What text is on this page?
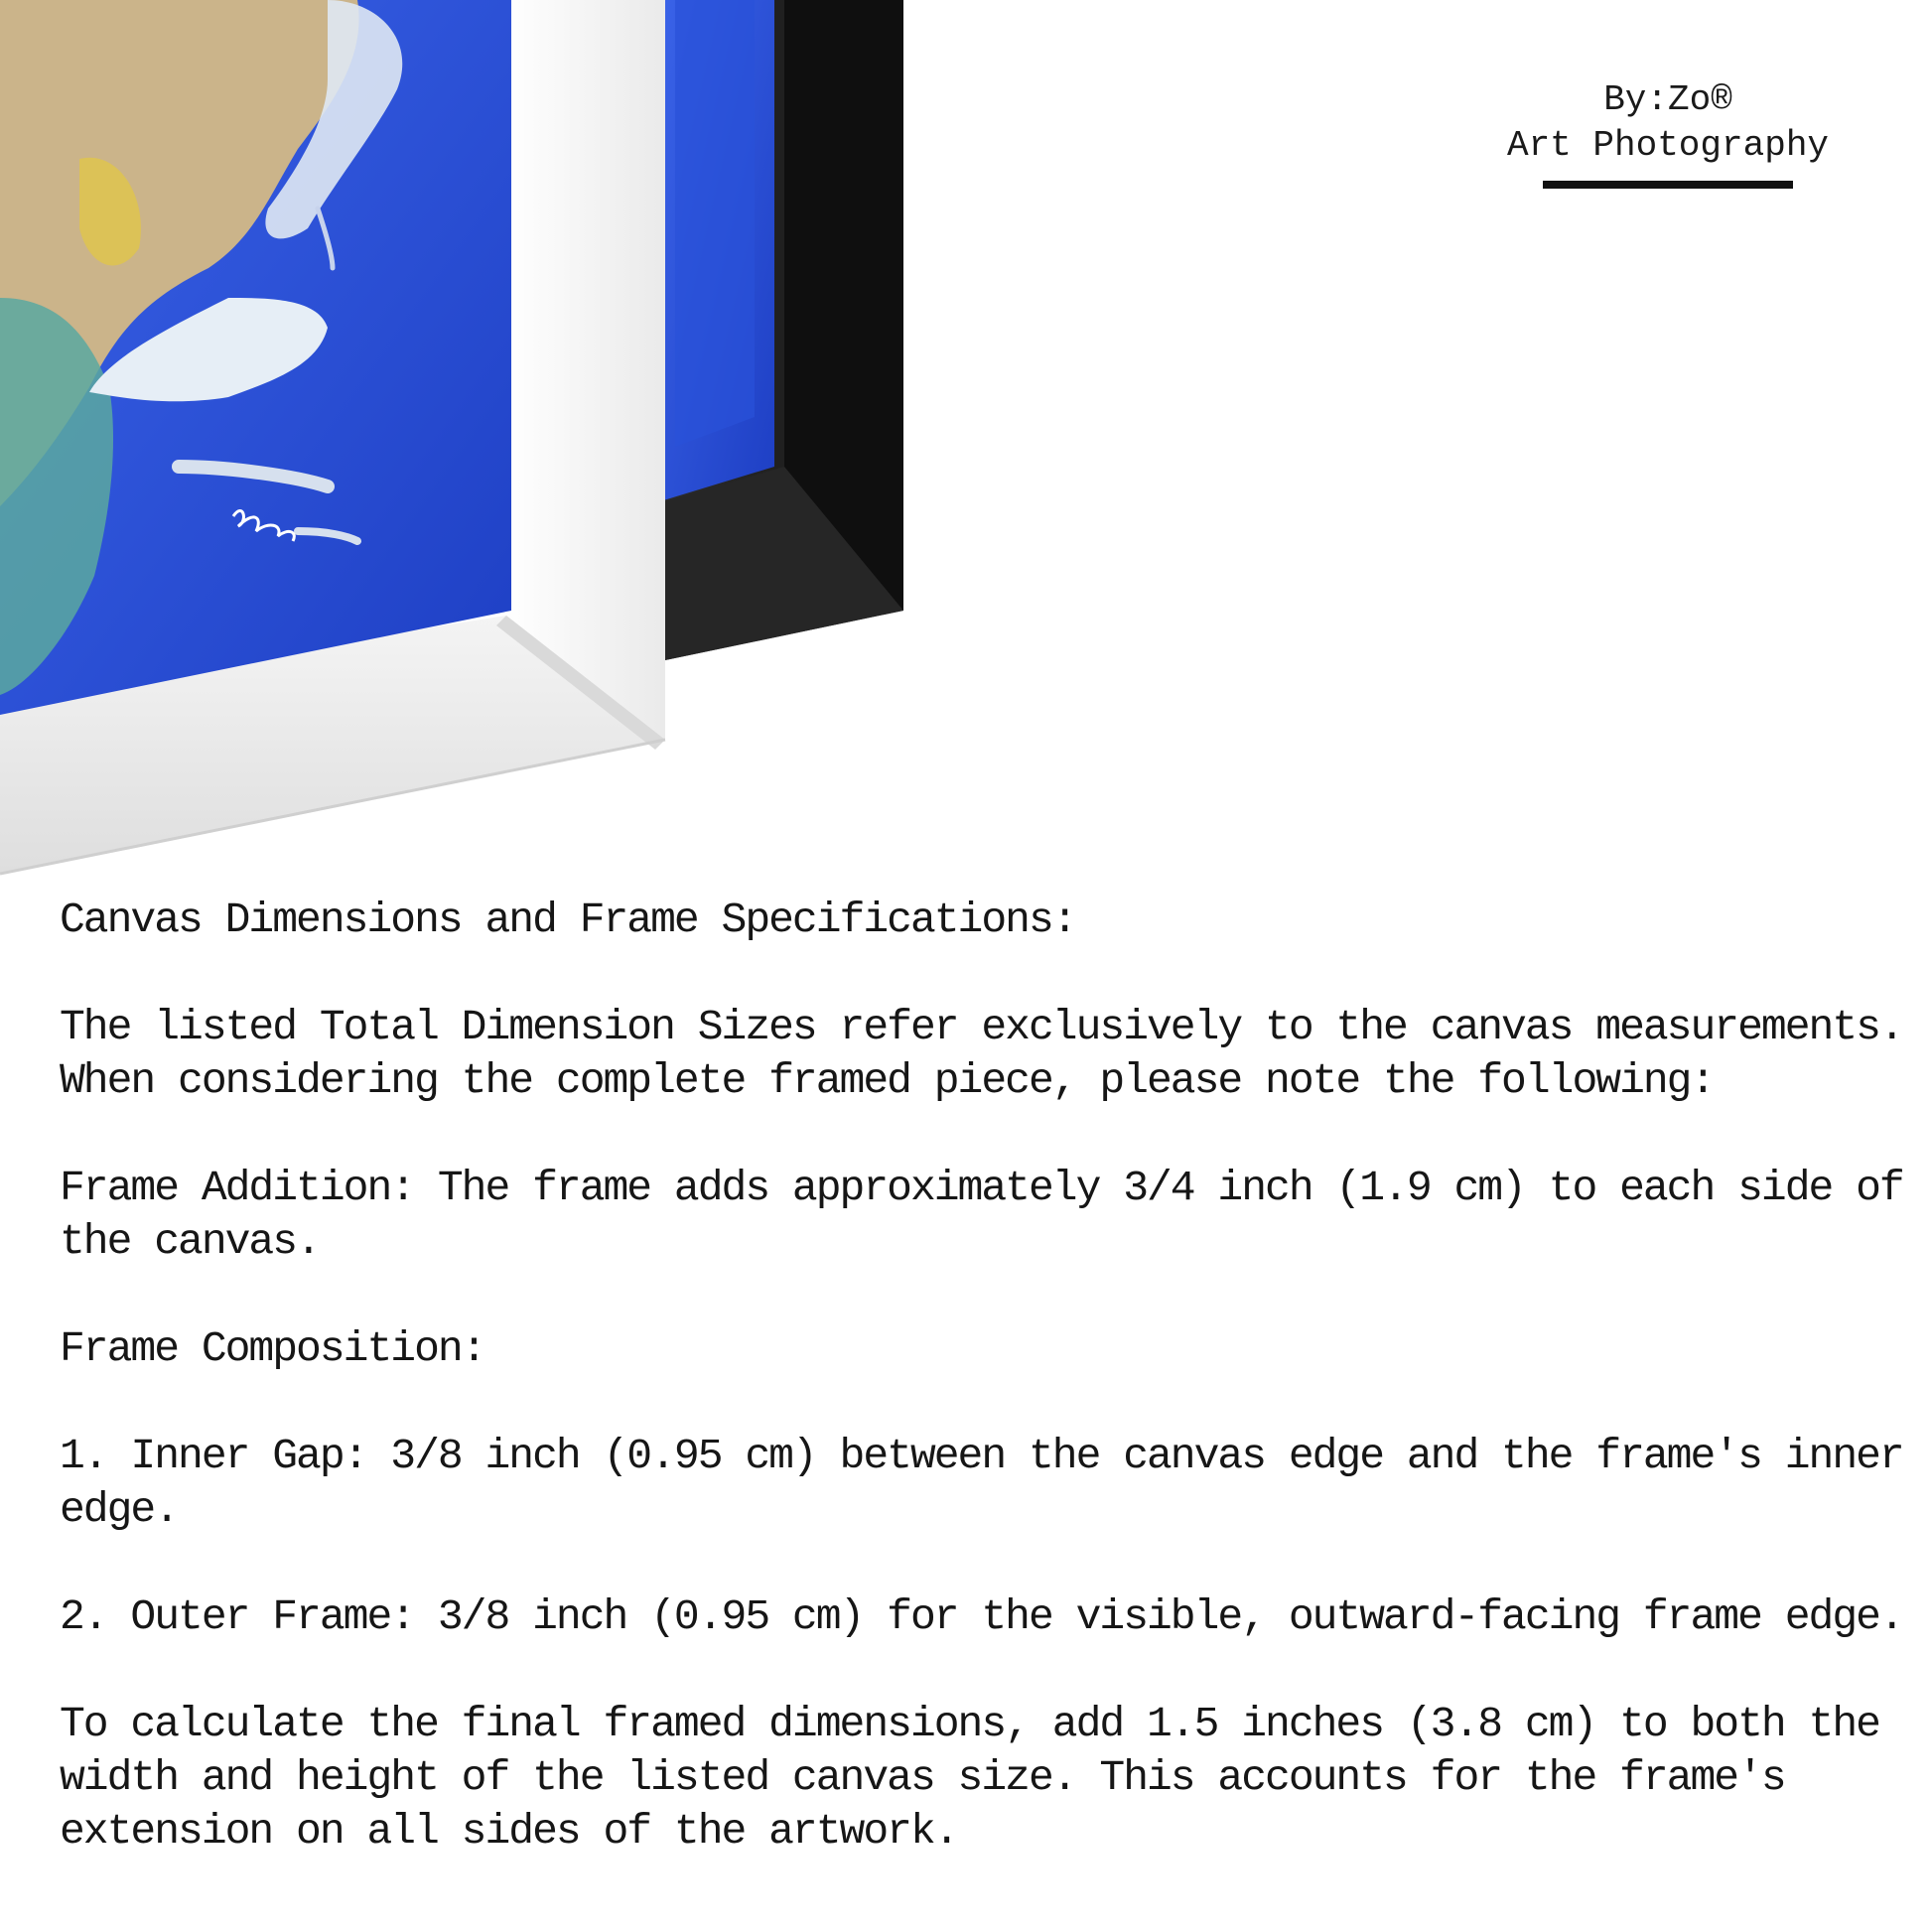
By:Zo®
Art Photography

Canvas Dimensions and Frame Specifications:

The listed Total Dimension Sizes refer exclusively to the canvas measurements. When considering the complete framed piece, please note the following:

Frame Addition: The frame adds approximately 3/4 inch (1.9 cm) to each side of the canvas.

Frame Composition:

1. Inner Gap: 3/8 inch (0.95 cm) between the canvas edge and the frame's inner edge.

2. Outer Frame: 3/8 inch (0.95 cm) for the visible, outward-facing frame edge.

To calculate the final framed dimensions, add 1.5 inches (3.8 cm) to both the width and height of the listed canvas size. This accounts for the frame's extension on all sides of the artwork.
